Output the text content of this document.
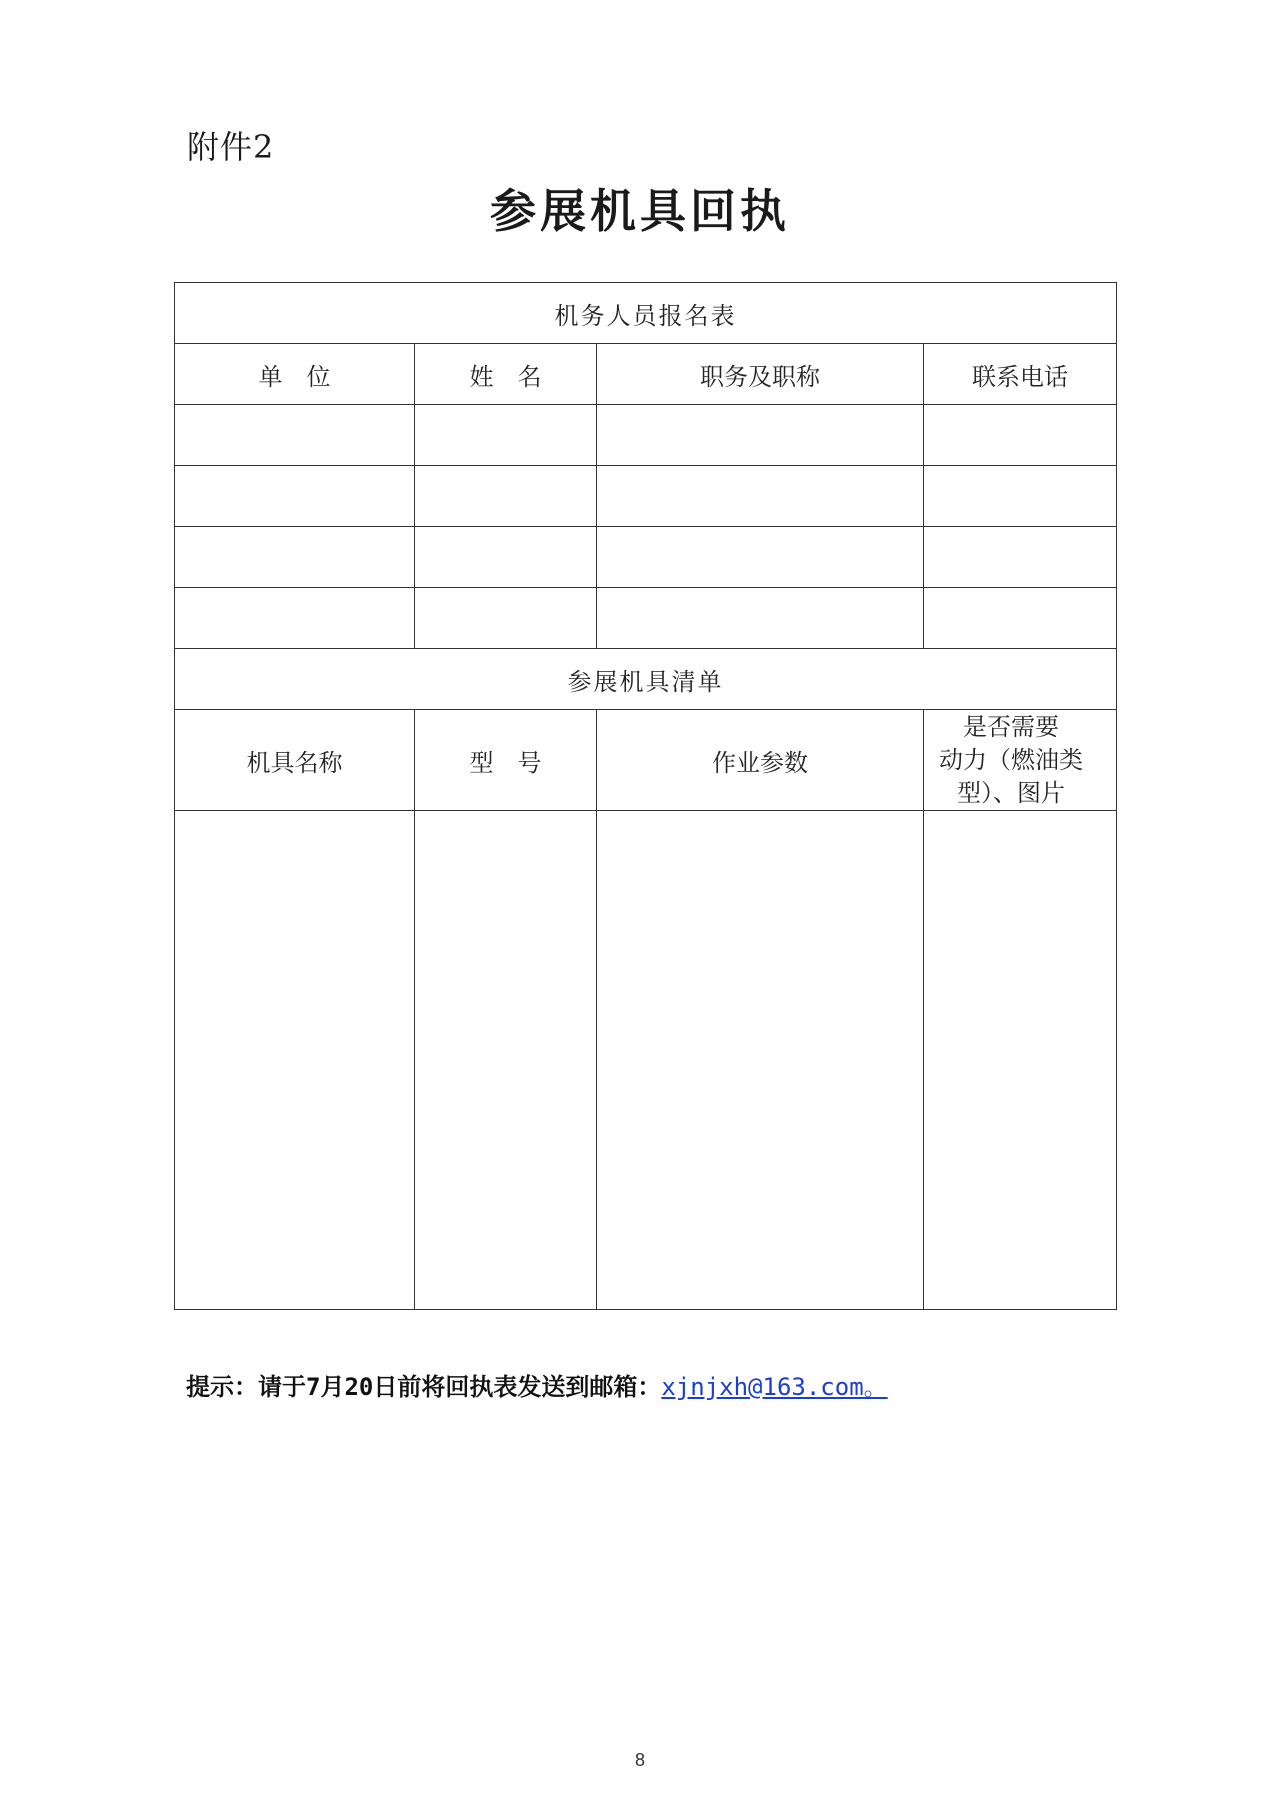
附件2
参展机具回执
机务人员报名表			
单　位	姓　名	职务及职称	联系电话

参展机具清单			
机具名称	型　号	作业参数	是否需要
动力（燃油类
型）、图片

提示：请于7月20日前将回执表发送到邮箱：xjnjxh@163.com。
8
